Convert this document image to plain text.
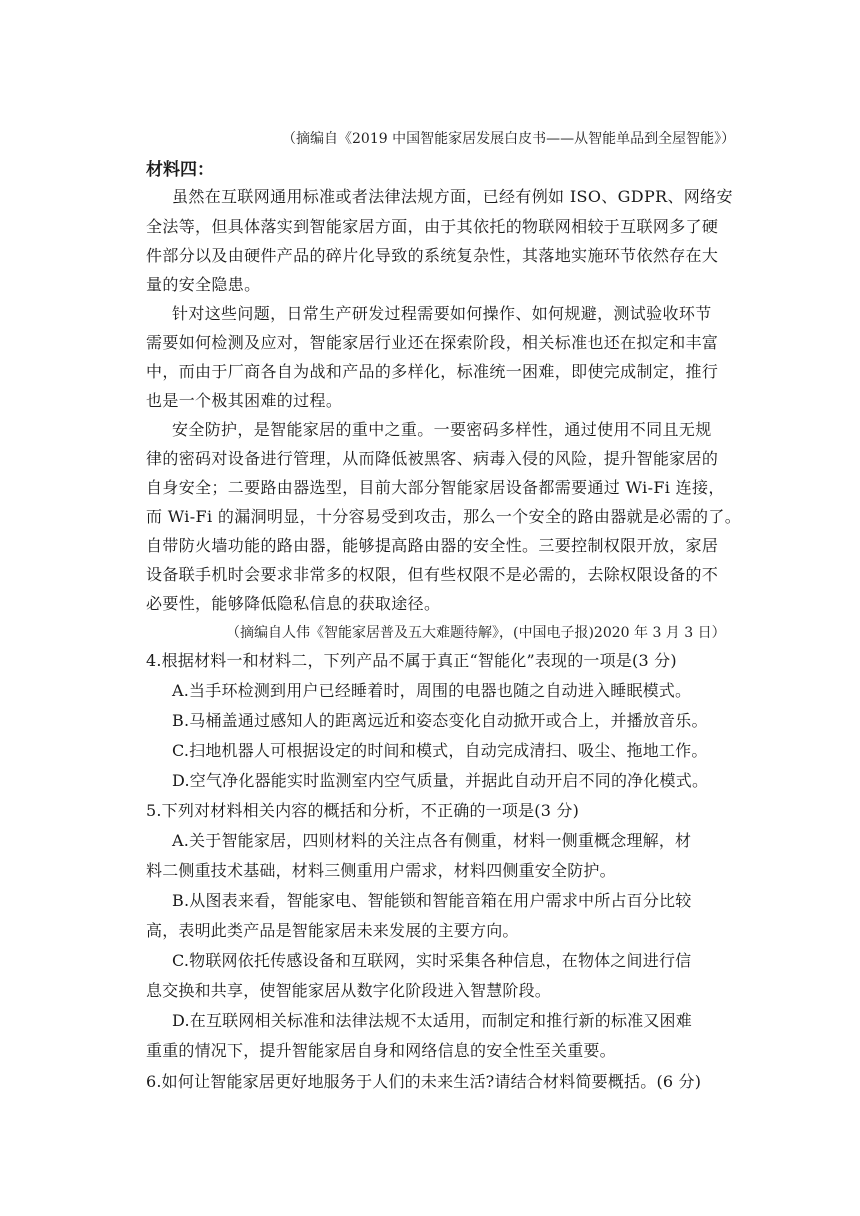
（摘编自《2019 中国智能家居发展白皮书——从智能单品到全屋智能》）
材料四：
虽然在互联网通用标准或者法律法规方面，已经有例如 ISO、GDPR、网络安
全法等，但具体落实到智能家居方面，由于其依托的物联网相较于互联网多了硬
件部分以及由硬件产品的碎片化导致的系统复杂性，其落地实施环节依然存在大
量的安全隐患。
针对这些问题，日常生产研发过程需要如何操作、如何规避，测试验收环节
需要如何检测及应对，智能家居行业还在探索阶段，相关标准也还在拟定和丰富
中，而由于厂商各自为战和产品的多样化，标准统一困难，即使完成制定，推行
也是一个极其困难的过程。
安全防护，是智能家居的重中之重。一要密码多样性，通过使用不同且无规
律的密码对设备进行管理，从而降低被黑客、病毒入侵的风险，提升智能家居的
自身安全；二要路由器选型，目前大部分智能家居设备都需要通过 Wi-Fi 连接，
而 Wi-Fi 的漏洞明显，十分容易受到攻击，那么一个安全的路由器就是必需的了。
自带防火墙功能的路由器，能够提高路由器的安全性。三要控制权限开放，家居
设备联手机时会要求非常多的权限，但有些权限不是必需的，去除权限设备的不
必要性，能够降低隐私信息的获取途径。
（摘编自人伟《智能家居普及五大难题待解》，(中国电子报)2020 年 3 月 3 日）
4.根据材料一和材料二，下列产品不属于真正“智能化”表现的一项是(3 分)
A.当手环检测到用户已经睡着时，周围的电器也随之自动进入睡眠模式。
B.马桶盖通过感知人的距离远近和姿态变化自动掀开或合上，并播放音乐。
C.扫地机器人可根据设定的时间和模式，自动完成清扫、吸尘、拖地工作。
D.空气净化器能实时监测室内空气质量，并据此自动开启不同的净化模式。
5.下列对材料相关内容的概括和分析，不正确的一项是(3 分)
A.关于智能家居，四则材料的关注点各有侧重，材料一侧重概念理解，材
料二侧重技术基础，材料三侧重用户需求，材料四侧重安全防护。
B.从图表来看，智能家电、智能锁和智能音箱在用户需求中所占百分比较
高，表明此类产品是智能家居未来发展的主要方向。
C.物联网依托传感设备和互联网，实时采集各种信息，在物体之间进行信
息交换和共享，使智能家居从数字化阶段进入智慧阶段。
D.在互联网相关标准和法律法规不太适用，而制定和推行新的标准又困难
重重的情况下，提升智能家居自身和网络信息的安全性至关重要。
6.如何让智能家居更好地服务于人们的未来生活?请结合材料简要概括。(6 分)
